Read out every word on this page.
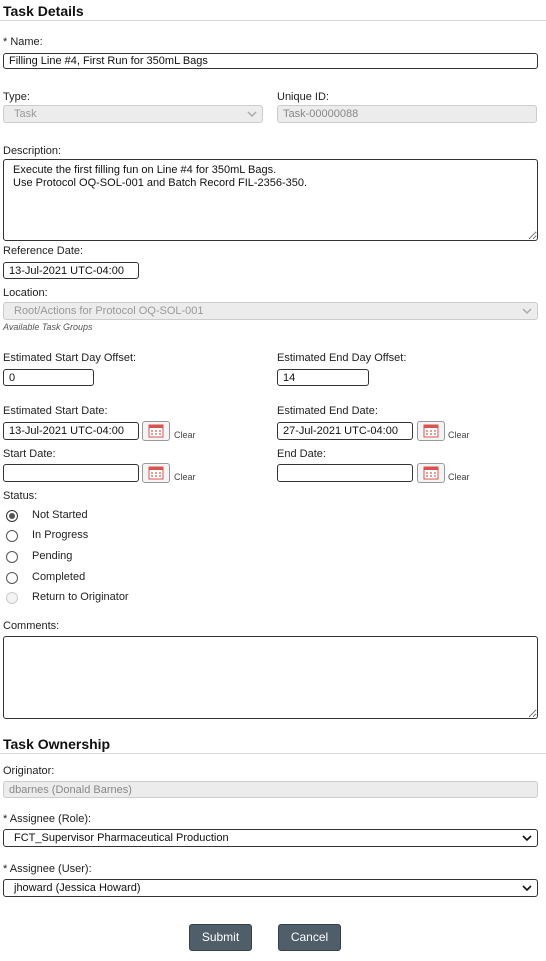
Task Details
* Name:
Filling Line #4, First Run for 350mL Bags
Type:
Task
Unique ID:
Task-00000088
Description:
Execute the first filling fun on Line #4 for 350mL Bags. Use Protocol OQ-SOL-001 and Batch Record FIL-2356-350.
Reference Date:
13-Jul-2021 UTC-04:00
Location:
Root/Actions for Protocol OQ-SOL-001
Available Task Groups
Estimated Start Day Offset:
0
Estimated End Day Offset:
14
Estimated Start Date:
13-Jul-2021 UTC-04:00	Clear
Estimated End Date:
27-Jul-2021 UTC-04:00	Clear
Start Date:
Clear
End Date:
Clear
Status:
Not Started
In Progress
Pending
Completed
Return to Originator
Comments:
Task Ownership
Originator:
dbarnes (Donald Barnes)
* Assignee (Role):
FCT_Supervisor Pharmaceutical Production
* Assignee (User):
jhoward (Jessica Howard)
Submit	Cancel
